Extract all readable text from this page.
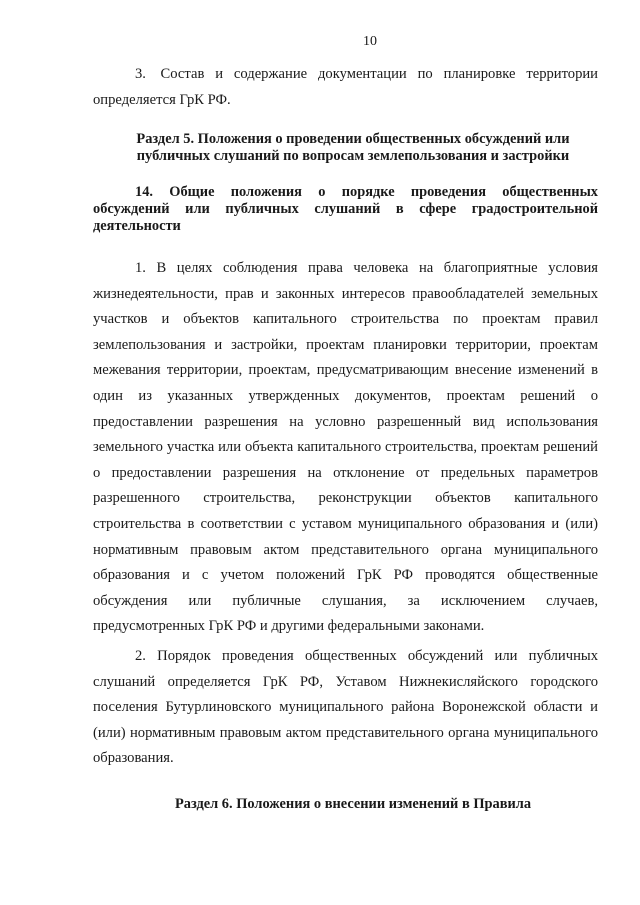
10

3. Состав и содержание документации по планировке территории определяется ГрК РФ.

Раздел 5. Положения о проведении общественных обсуждений или публичных слушаний по вопросам землепользования и застройки
14. Общие положения о порядке проведения общественных обсуждений или публичных слушаний в сфере градостроительной деятельности

1. В целях соблюдения права человека на благоприятные условия жизнедеятельности, прав и законных интересов правообладателей земельных участков и объектов капитального строительства по проектам правил землепользования и застройки, проектам планировки территории, проектам межевания территории, проектам, предусматривающим внесение изменений в один из указанных утвержденных документов, проектам решений о предоставлении разрешения на условно разрешенный вид использования земельного участка или объекта капитального строительства, проектам решений о предоставлении разрешения на отклонение от предельных параметров разрешенного строительства, реконструкции объектов капитального строительства в соответствии с уставом муниципального образования и (или) нормативным правовым актом представительного органа муниципального образования и с учетом положений ГрК РФ проводятся общественные обсуждения или публичные слушания, за исключением случаев, предусмотренных ГрК РФ и другими федеральными законами.

2. Порядок проведения общественных обсуждений или публичных слушаний определяется ГрК РФ, Уставом Нижнекисляйского городского поселения Бутурлиновского муниципального района Воронежской области и (или) нормативным правовым актом представительного органа муниципального образования.

Раздел 6. Положения о внесении изменений в Правила
